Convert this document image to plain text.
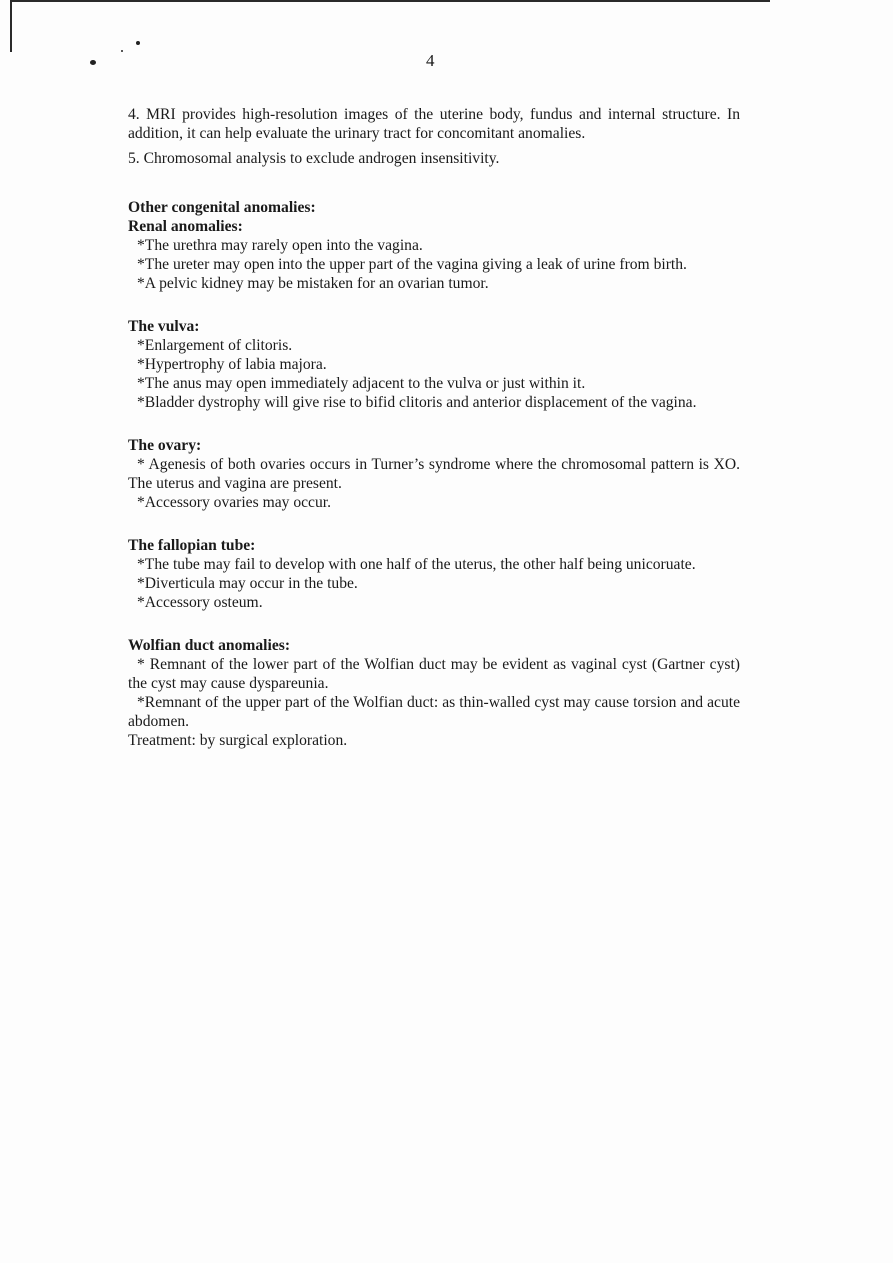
4

4. MRI provides high-resolution images of the uterine body, fundus and internal structure. In addition, it can help evaluate the urinary tract for concomitant anomalies.

5. Chromosomal analysis to exclude androgen insensitivity.

Other congenital anomalies:

Renal anomalies:

*The urethra may rarely open into the vagina.

*The ureter may open into the upper part of the vagina giving a leak of urine from birth.

*A pelvic kidney may be mistaken for an ovarian tumor.

The vulva:

*Enlargement of clitoris.

*Hypertrophy of labia majora.

*The anus may open immediately adjacent to the vulva or just within it.

*Bladder dystrophy will give rise to bifid clitoris and anterior displacement of the vagina.

The ovary:

* Agenesis of both ovaries occurs in Turner’s syndrome where the chromosomal pattern is XO. The uterus and vagina are present.

*Accessory ovaries may occur.

The fallopian tube:

*The tube may fail to develop with one half of the uterus, the other half being unicoruate.

*Diverticula may occur in the tube.

*Accessory osteum.

Wolfian duct anomalies:

* Remnant of the lower part of the Wolfian duct may be evident as vaginal cyst (Gartner cyst) the cyst may cause dyspareunia.

*Remnant of the upper part of the Wolfian duct: as thin-walled cyst may cause torsion and acute abdomen.

Treatment: by surgical exploration.
